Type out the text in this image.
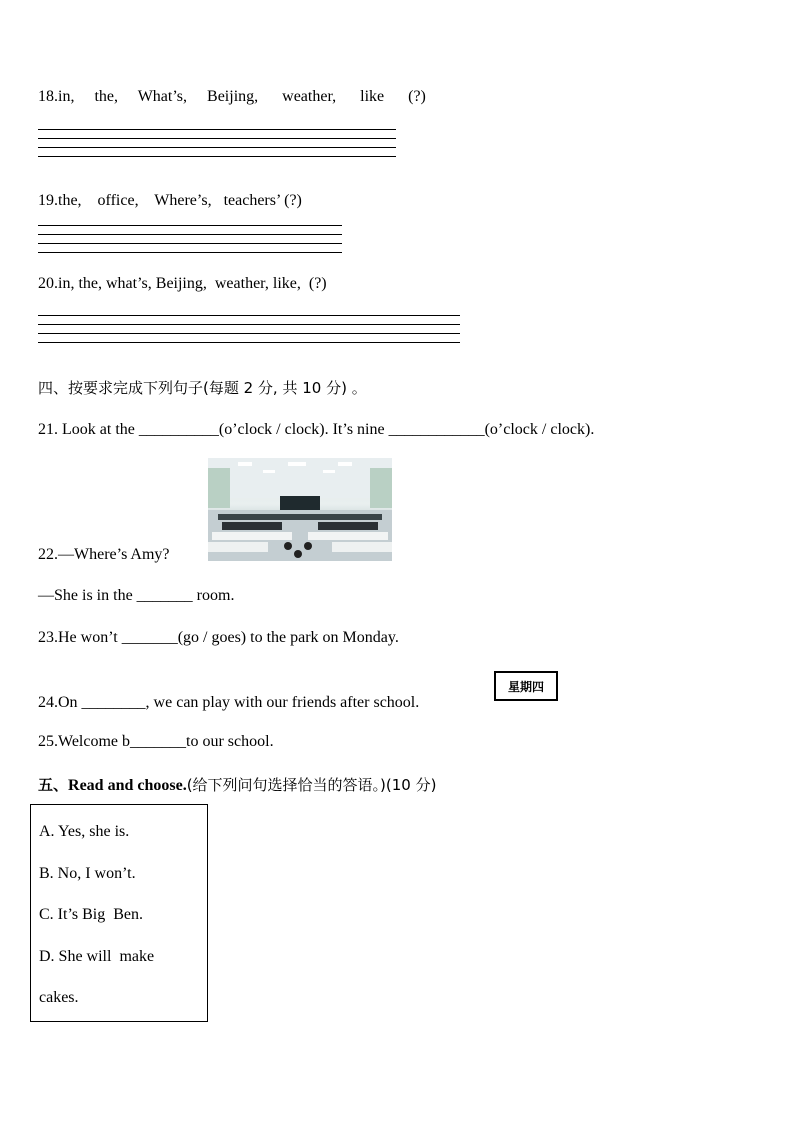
18.in,     the,     What’s,     Beijing,      weather,      like      (?)
19.the,    office,    Where’s,   teachers’ (?)
20.in, the, what’s, Beijing,  weather, like,  (?)
四、按要求完成下列句子(每题 2 分, 共 10 分) 。
21. Look at the __________(o’clock / clock). It’s nine ____________(o’clock / clock).
22.—Where’s Amy?
—She is in the _______ room.
23.He won’t _______(go / goes) to the park on Monday.
24.On ________, we can play with our friends after school.
星期四
25.Welcome b_______to our school.
五、Read and choose.(给下列问句选择恰当的答语。)(10 分)
A. Yes, she is.
B. No, I won’t.
C. It’s Big  Ben.
D. She will  make
cakes.
